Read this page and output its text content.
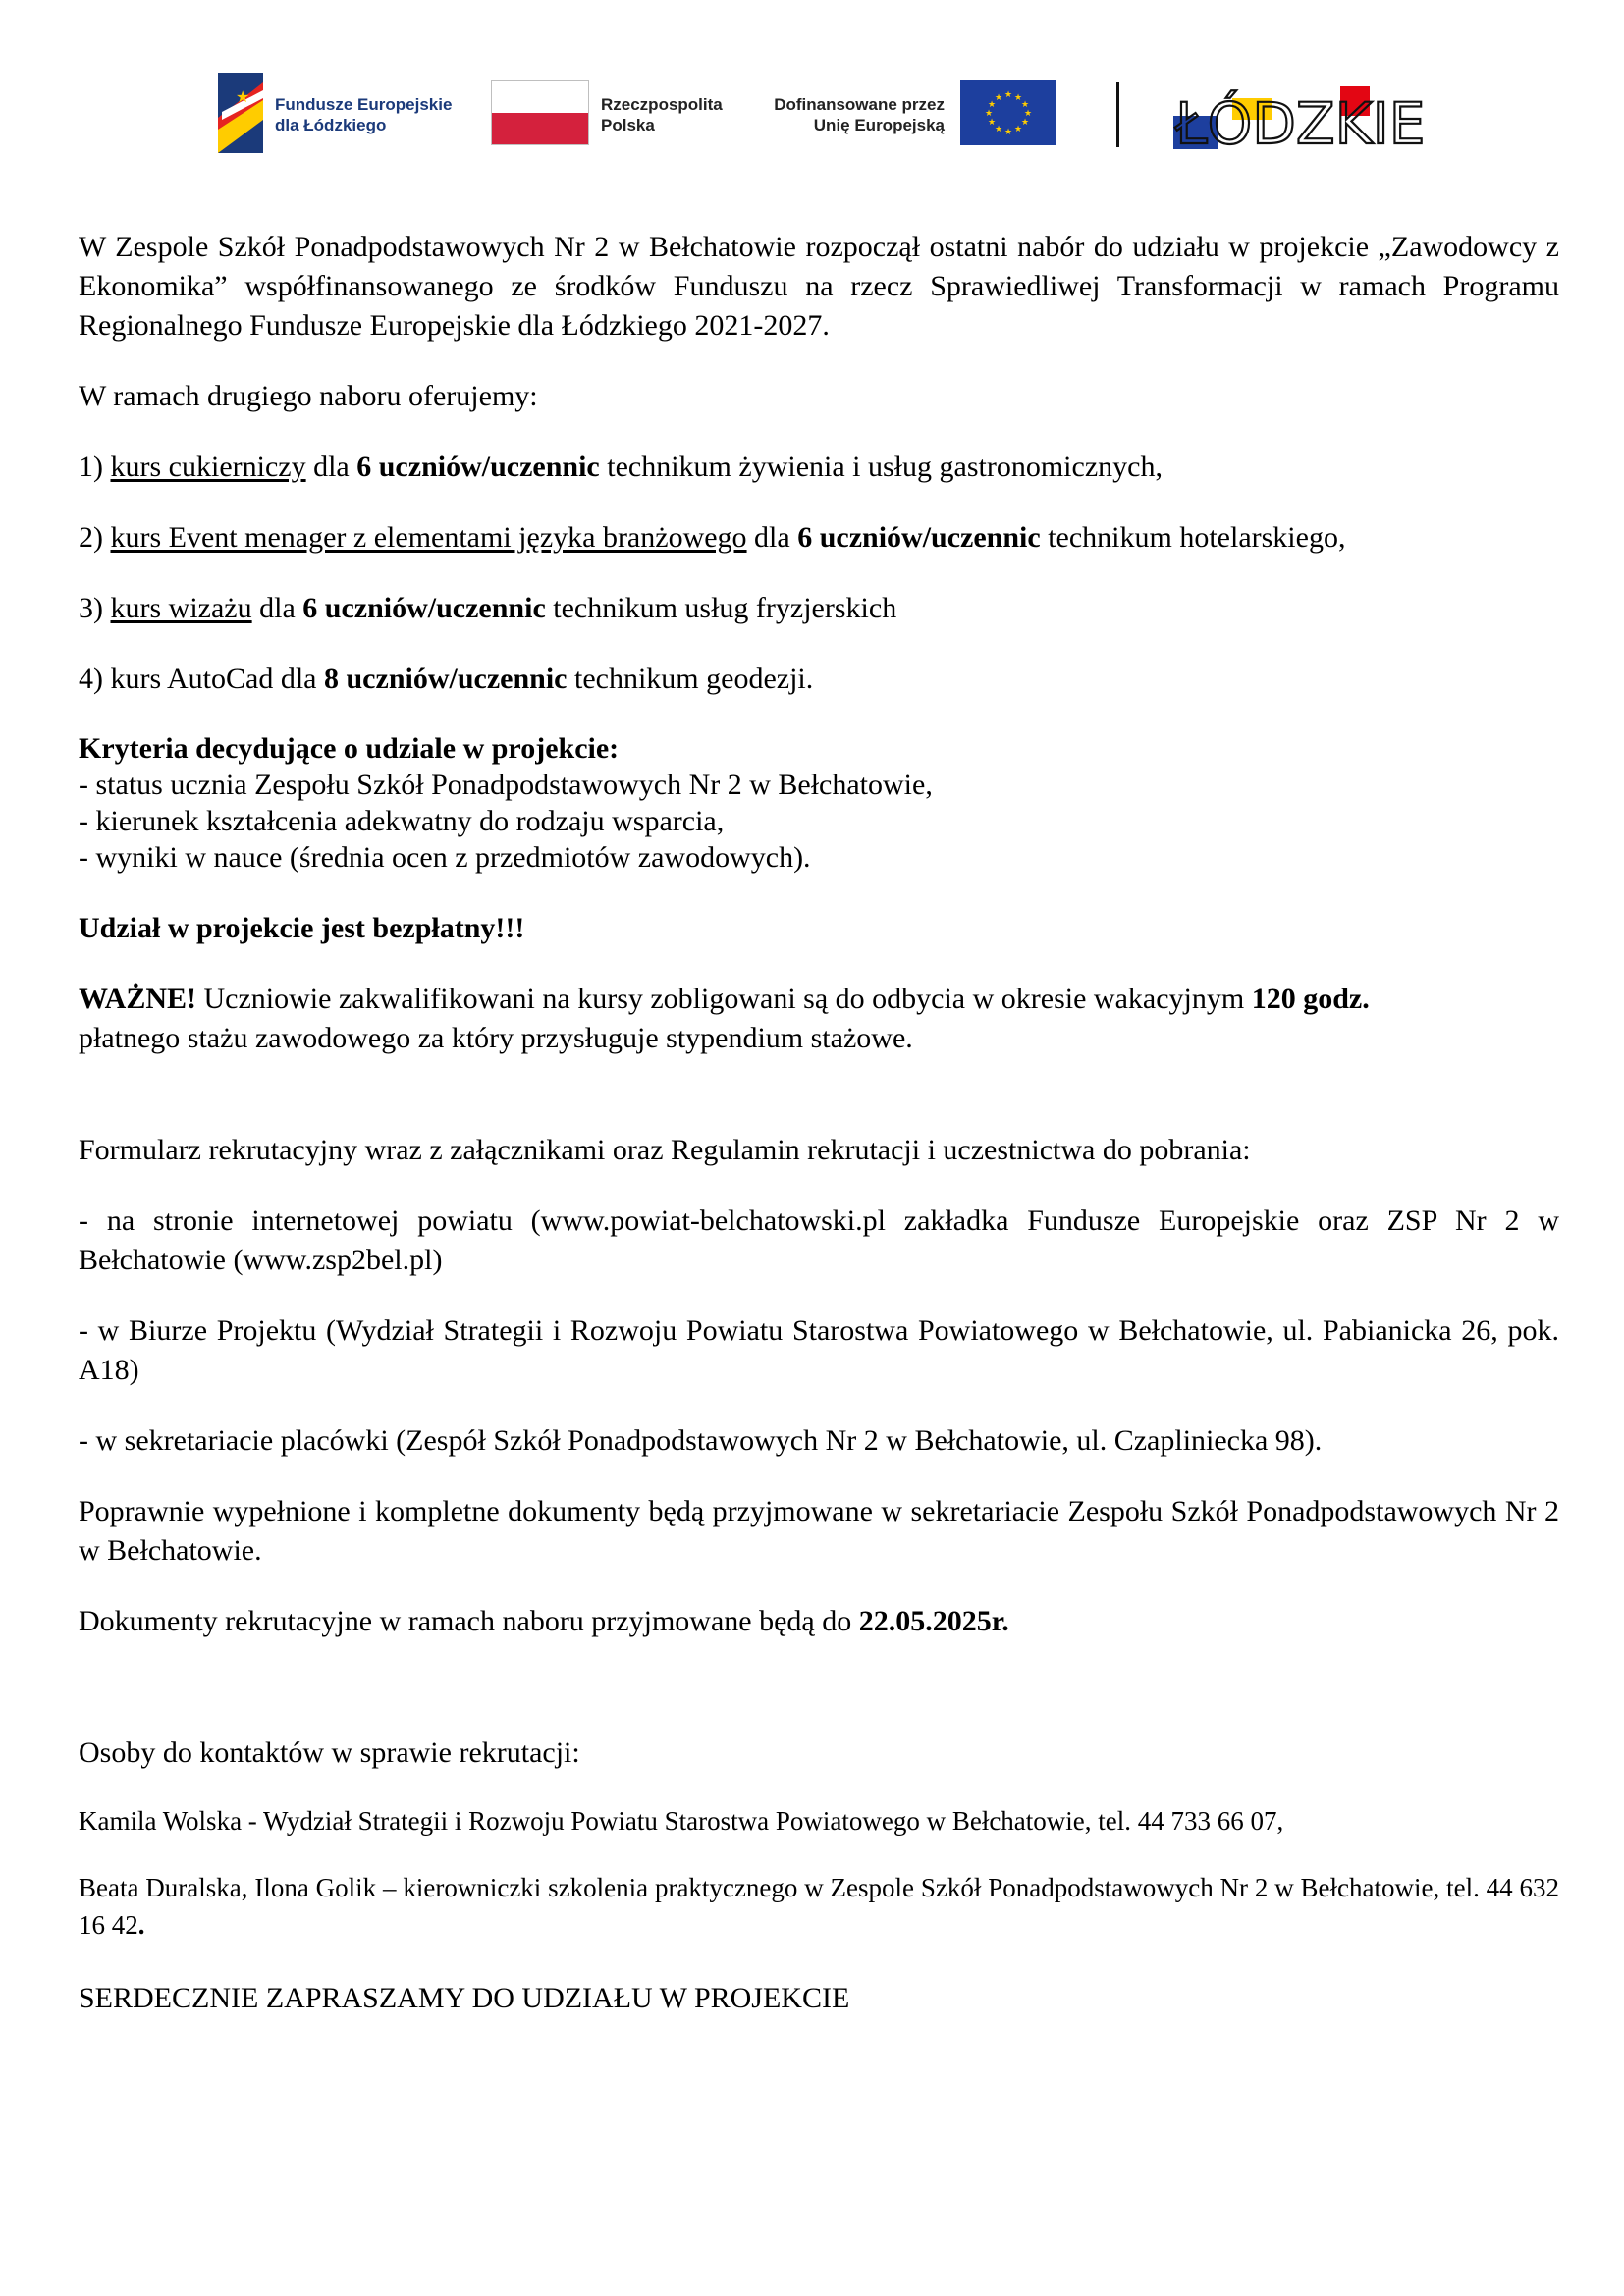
★ Fundusze Europejskie
dla Łódzkiego
Rzeczpospolita
Polska
Dofinansowane przez
Unię Europejską
★ ★
★
★
★
★
★
★
★
★
★
★	ŁÓDZKIE

W Zespole Szkół Ponadpodstawowych Nr 2 w Bełchatowie rozpoczął ostatni nabór do udziału w projekcie „Zawodowcy z Ekonomika” współfinansowanego ze środków Funduszu na rzecz Sprawiedliwej Transformacji w ramach Programu Regionalnego Fundusze Europejskie dla Łódzkiego 2021-2027.

W ramach drugiego naboru oferujemy:

1) kurs cukierniczy dla 6 uczniów/uczennic technikum żywienia i usług gastronomicznych,

2) kurs Event menager z elementami języka branżowego dla 6 uczniów/uczennic technikum hotelarskiego,

3) kurs wizażu dla 6 uczniów/uczennic technikum usług fryzjerskich

4) kurs AutoCad dla 8 uczniów/uczennic technikum geodezji.

Kryteria decydujące o udziale w projekcie:

- status ucznia Zespołu Szkół Ponadpodstawowych Nr 2 w Bełchatowie,

- kierunek kształcenia adekwatny do rodzaju wsparcia,

- wyniki w nauce (średnia ocen z przedmiotów zawodowych).

Udział w projekcie jest bezpłatny!!!

WAŻNE! Uczniowie zakwalifikowani na kursy zobligowani są do odbycia w okresie wakacyjnym 120 godz.
płatnego stażu zawodowego za który przysługuje stypendium stażowe.

Formularz rekrutacyjny wraz z załącznikami oraz Regulamin rekrutacji i uczestnictwa do pobrania:

- na stronie internetowej powiatu (www.powiat-belchatowski.pl zakładka Fundusze Europejskie oraz ZSP Nr 2 w Bełchatowie (www.zsp2bel.pl)

- w Biurze Projektu (Wydział Strategii i Rozwoju Powiatu Starostwa Powiatowego w Bełchatowie, ul. Pabianicka 26, pok. A18)

- w sekretariacie placówki (Zespół Szkół Ponadpodstawowych Nr 2 w Bełchatowie, ul. Czapliniecka 98).

Poprawnie wypełnione i kompletne dokumenty będą przyjmowane w sekretariacie Zespołu Szkół Ponadpodstawowych Nr 2 w Bełchatowie.

Dokumenty rekrutacyjne w ramach naboru przyjmowane będą do 22.05.2025r.

Osoby do kontaktów w sprawie rekrutacji:

Kamila Wolska - Wydział Strategii i Rozwoju Powiatu Starostwa Powiatowego w Bełchatowie, tel. 44 733 66 07,

Beata Duralska, Ilona Golik – kierowniczki szkolenia praktycznego w Zespole Szkół Ponadpodstawowych Nr 2 w Bełchatowie, tel. 44 632 16 42.

SERDECZNIE ZAPRASZAMY DO UDZIAŁU W PROJEKCIE
